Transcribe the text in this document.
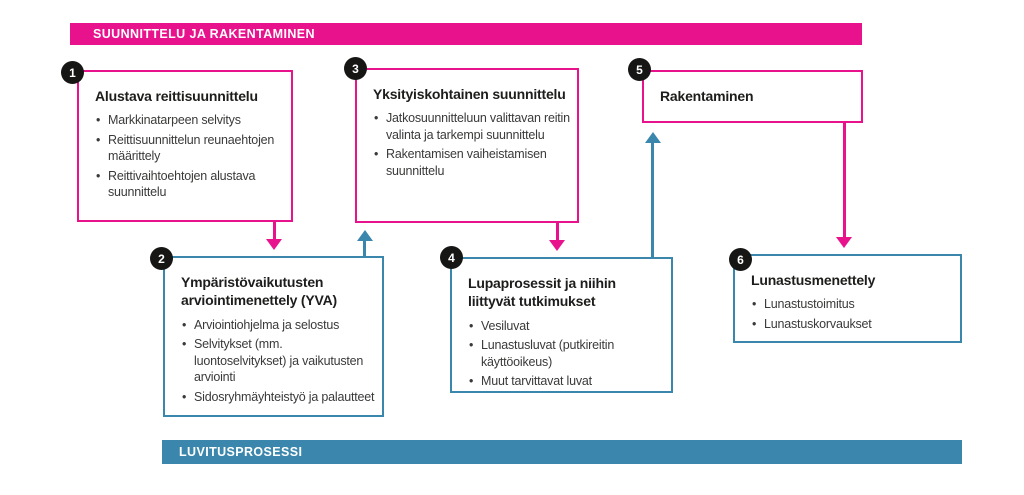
SUUNNITTELU JA RAKENTAMINEN
Alustava reittisuunnittelu
• Markkinatarpeen selvitys
• Reittisuunnittelun reunaehtojen määrittely
• Reittivaihtoehtojen alustava suunnittelu
Ympäristövaikutusten arviointimenettely (YVA)
• Arviointiohjelma ja selostus
• Selvitykset (mm. luontoselvitykset) ja vaikutusten arviointi
• Sidosryhmäyhteistyö ja palautteet
Yksityiskohtainen suunnittelu
• Jatkosuunnitteluun valittavan reitin valinta ja tarkempi suunnittelu
• Rakentamisen vaiheistamisen suunnittelu
Lupaprosessit ja niihin liittyvät tutkimukset
• Vesiluvat
• Lunastusluvat (putkireitin käyttöoikeus)
• Muut tarvittavat luvat
Rakentaminen
Lunastusmenettely
• Lunastustoimitus
• Lunastuskorvaukset
1
2
3
4
5
6
LUVITUSPROSESSI
